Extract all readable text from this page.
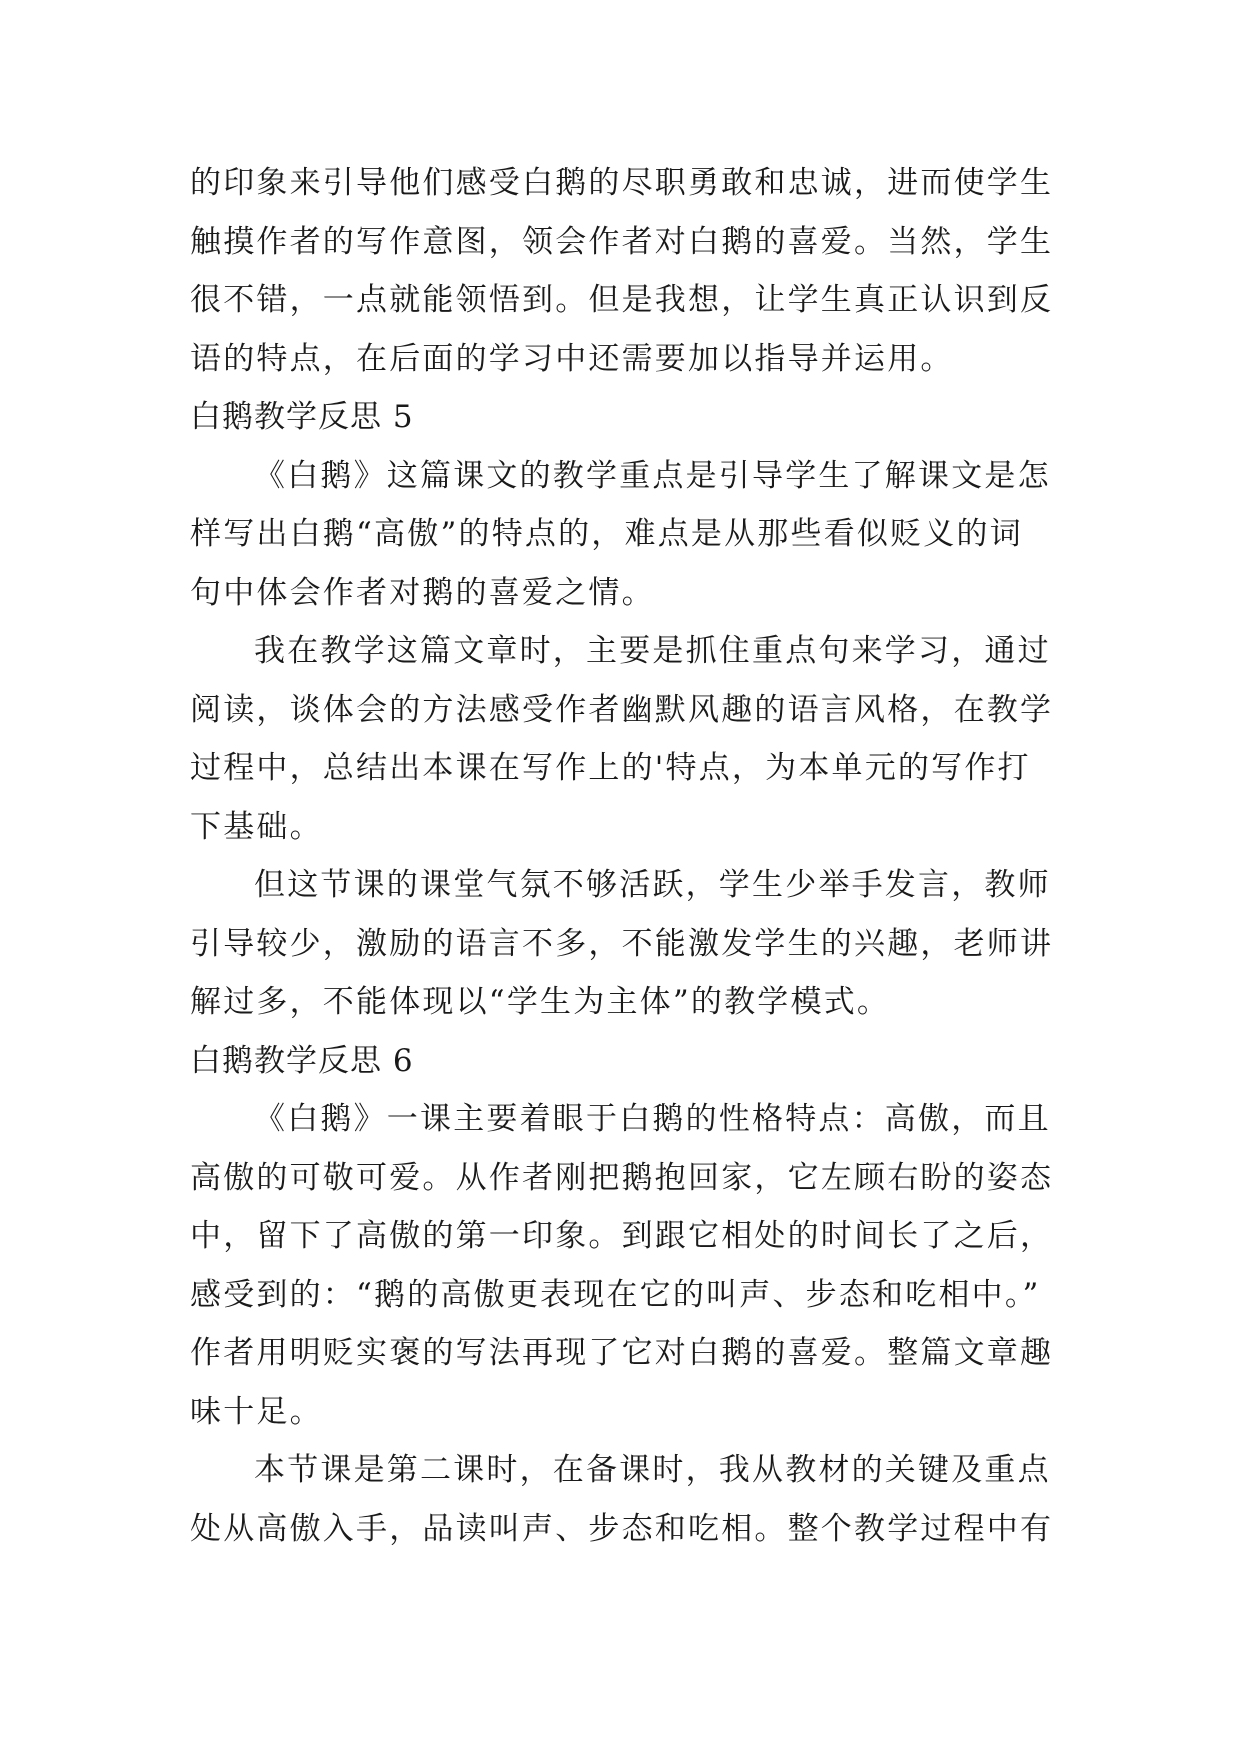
的印象来引导他们感受白鹅的尽职勇敢和忠诚，进而使学生
触摸作者的写作意图，领会作者对白鹅的喜爱。当然，学生
很不错，一点就能领悟到。但是我想，让学生真正认识到反
语的特点，在后面的学习中还需要加以指导并运用。
白鹅教学反思 5
《白鹅》这篇课文的教学重点是引导学生了解课文是怎
样写出白鹅“高傲”的特点的，难点是从那些看似贬义的词
句中体会作者对鹅的喜爱之情。
我在教学这篇文章时，主要是抓住重点句来学习，通过
阅读，谈体会的方法感受作者幽默风趣的语言风格，在教学
过程中，总结出本课在写作上的'特点，为本单元的写作打
下基础。
但这节课的课堂气氛不够活跃，学生少举手发言，教师
引导较少，激励的语言不多，不能激发学生的兴趣，老师讲
解过多，不能体现以“学生为主体”的教学模式。
白鹅教学反思 6
《白鹅》一课主要着眼于白鹅的性格特点：高傲，而且
高傲的可敬可爱。从作者刚把鹅抱回家，它左顾右盼的姿态
中，留下了高傲的第一印象。到跟它相处的时间长了之后，
感受到的：“鹅的高傲更表现在它的叫声、步态和吃相中。”
作者用明贬实褒的写法再现了它对白鹅的喜爱。整篇文章趣
味十足。
本节课是第二课时，在备课时，我从教材的关键及重点
处从高傲入手，品读叫声、步态和吃相。整个教学过程中有
